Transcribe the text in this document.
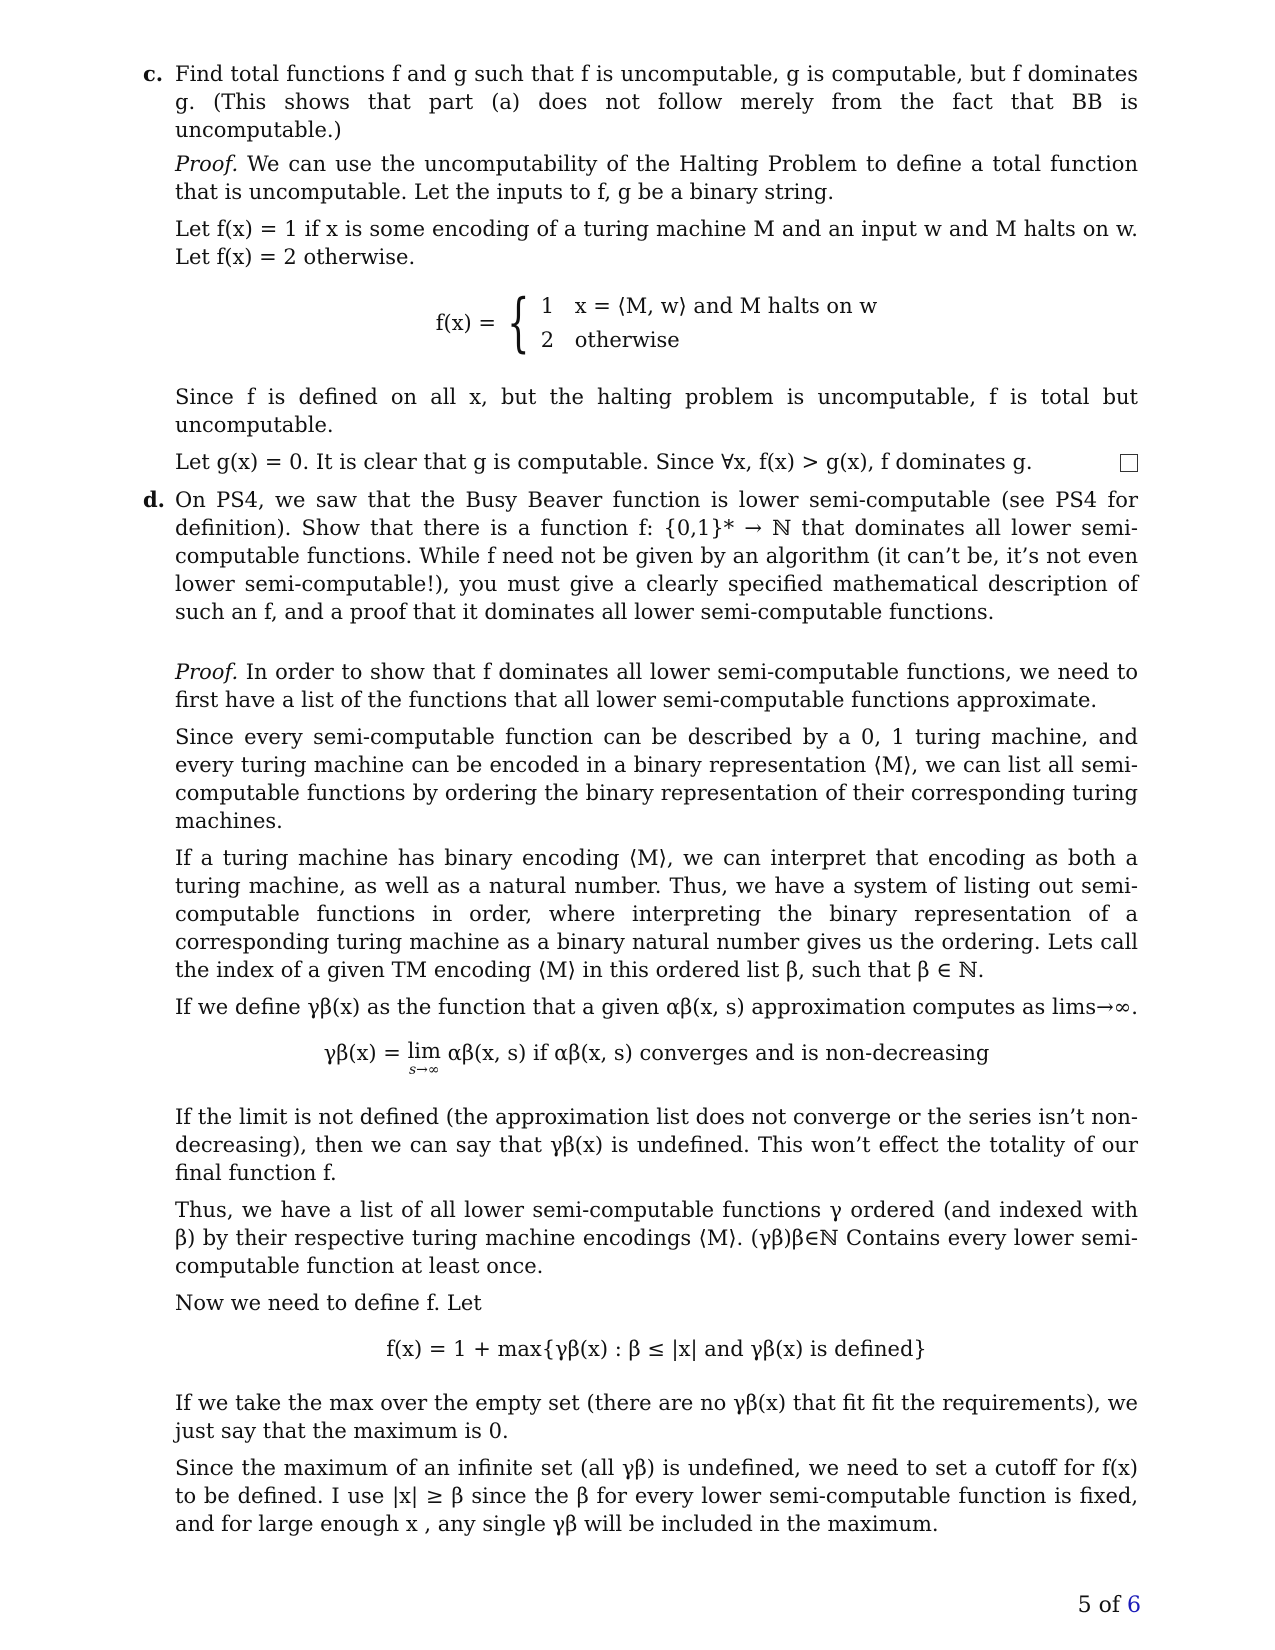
c. Find total functions f and g such that f is uncomputable, g is computable, but f dominates g. (This shows that part (a) does not follow merely from the fact that BB is uncomputable.)

Proof. We can use the uncomputability of the Halting Problem to define a total function that is uncomputable. Let the inputs to f, g be a binary string.

Let f(x) = 1 if x is some encoding of a turing machine M and an input w and M halts on w. Let f(x) = 2 otherwise.

f(x) = { 1 x = ⟨M, w⟩ and M halts on w
2 otherwise

Since f is defined on all x, but the halting problem is uncomputable, f is total but uncomputable.

Let g(x) = 0. It is clear that g is computable. Since ∀x, f(x) > g(x), f dominates g.

d. On PS4, we saw that the Busy Beaver function is lower semi-computable (see PS4 for definition). Show that there is a function f: {0,1}* → ℕ that dominates all lower semi-computable functions. While f need not be given by an algorithm (it can’t be, it’s not even lower semi-computable!), you must give a clearly specified mathematical description of such an f, and a proof that it dominates all lower semi-computable functions.

Proof. In order to show that f dominates all lower semi-computable functions, we need to first have a list of the functions that all lower semi-computable functions approximate.

Since every semi-computable function can be described by a 0, 1 turing machine, and every turing machine can be encoded in a binary representation ⟨M⟩, we can list all semi-computable functions by ordering the binary representation of their corresponding turing machines.

If a turing machine has binary encoding ⟨M⟩, we can interpret that encoding as both a turing machine, as well as a natural number. Thus, we have a system of listing out semi-computable functions in order, where interpreting the binary representation of a corresponding turing machine as a binary natural number gives us the ordering. Lets call the index of a given TM encoding ⟨M⟩ in this ordered list β, such that β ∈ ℕ.

If we define γβ(x) as the function that a given αβ(x, s) approximation computes as lims→∞.

γβ(x) = lim
s→∞
αβ(x, s) if αβ(x, s) converges and is non-decreasing

If the limit is not defined (the approximation list does not converge or the series isn’t non-decreasing), then we can say that γβ(x) is undefined. This won’t effect the totality of our final function f.

Thus, we have a list of all lower semi-computable functions γ ordered (and indexed with β) by their respective turing machine encodings ⟨M⟩. (γβ)β∈ℕ Contains every lower semi-computable function at least once.

Now we need to define f. Let

f(x) = 1 + max{γβ(x) : β ≤ |x| and γβ(x) is defined}

If we take the max over the empty set (there are no γβ(x) that fit fit the requirements), we just say that the maximum is 0.

Since the maximum of an infinite set (all γβ) is undefined, we need to set a cutoff for f(x) to be defined. I use |x| ≥ β since the β for every lower semi-computable function is fixed, and for large enough x , any single γβ will be included in the maximum.

5 of 6
